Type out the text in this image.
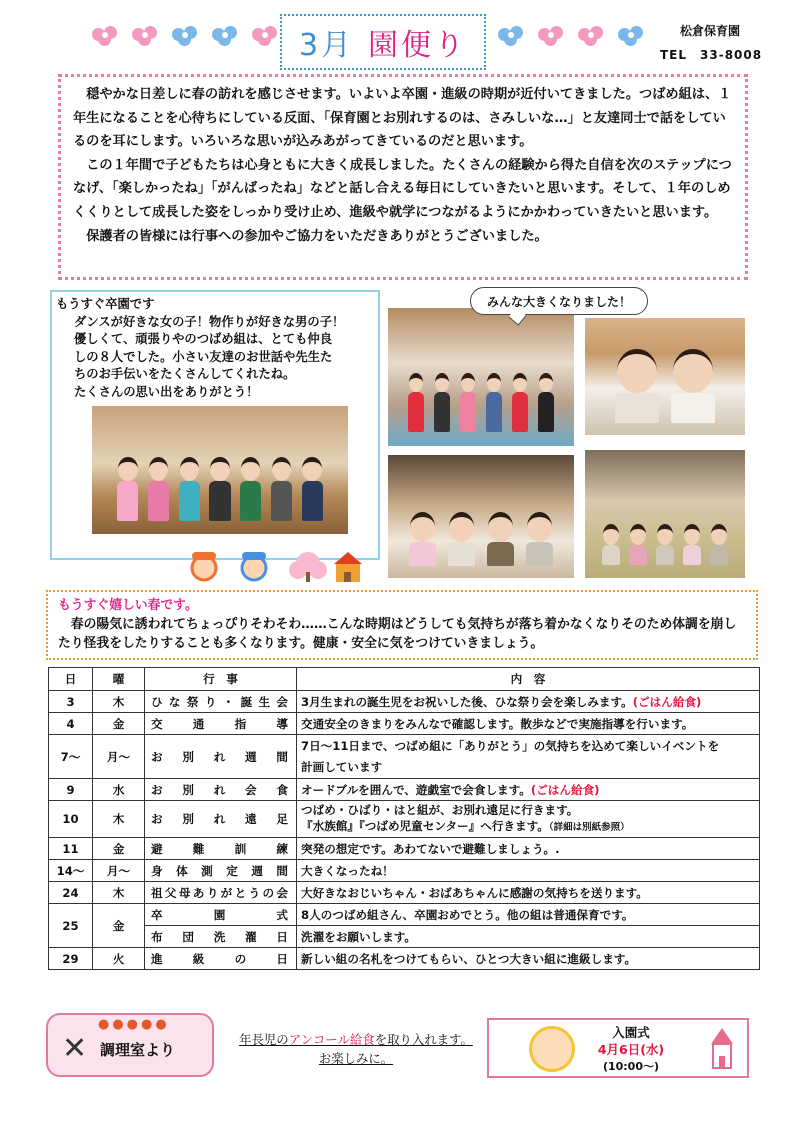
3月 園便り	松倉保育園
TEL　33-8008

穏やかな日差しに春の訪れを感じさせます。いよいよ卒園・進級の時期が近付いてきました。つばめ組は、１年生になることを心待ちにしている反面、「保育園とお別れするのは、さみしいな…」と友達同士で話をしているのを耳にします。いろいろな思いが込みあがってきているのだと思います。

この１年間で子どもたちは心身ともに大きく成長しました。たくさんの経験から得た自信を次のステップにつなげ、「楽しかったね」「がんばったね」などと話し合える毎日にしていきたいと思います。そして、１年のしめくくりとして成長した姿をしっかり受け止め、進級や就学につながるようにかかわっていきたいと思います。

保護者の皆様には行事への参加やご協力をいただきありがとうございました。

もうすぐ卒園です
ダンスが好きな女の子！物作りが好きな男の子！
優しくて、頑張りやのつばめ組は、とても仲良
しの８人でした。小さい友達のお世話や先生た
ちのお手伝いをたくさんしてくれたね。
たくさんの思い出をありがとう！
みんな大きくなりました！
もうすぐ嬉しい春です。

春の陽気に誘われてちょっぴりそわそわ……こんな時期はどうしても気持ちが落ち着かなくなりそのため体調を崩したり怪我をしたりすることも多くなります。健康・安全に気をつけていきましょう。

日	曜	行　事	内　容
3	木	ひな祭り・誕生会	3月生まれの誕生児をお祝いした後、ひな祭り会を楽しみます。(ごはん給食)
4	金	交通指導	交通安全のきまりをみんなで確認します。散歩などで実施指導を行います。
7～	月～	お別れ週間	7日～11日まで、つばめ組に「ありがとう」の気持ちを込めて楽しいイベントを
			計画しています
9	水	お別れ会食	オードブルを囲んで、遊戯室で会食します。(ごはん給食)
10	木	お別れ遠足	つばめ・ひばり・はと組が、お別れ遠足に行きます。
『水族館』『つばめ児童センター』へ行きます。（詳細は別紙参照）

11	金	避難訓練	突発の想定です。あわてないで避難しましょう。.
14～	月～	身体測定週間	大きくなったね！
24	木	祖父母ありがとうの会	大好きなおじいちゃん・おばあちゃんに感謝の気持ちを送ります。
25	金	卒園式	8人のつばめ組さん、卒園おめでとう。他の組は普通保育です。
		布団洗濯日	洗濯をお願いします。
29	火	進級の日	新しい組の名札をつけてもらい、ひとつ大きい組に進級します。
●●●●●
✕ 調理室より
年長児のアンコール給食を取り入れます。
お楽しみに。
入園式
4月6日(水)
(10:00～)
